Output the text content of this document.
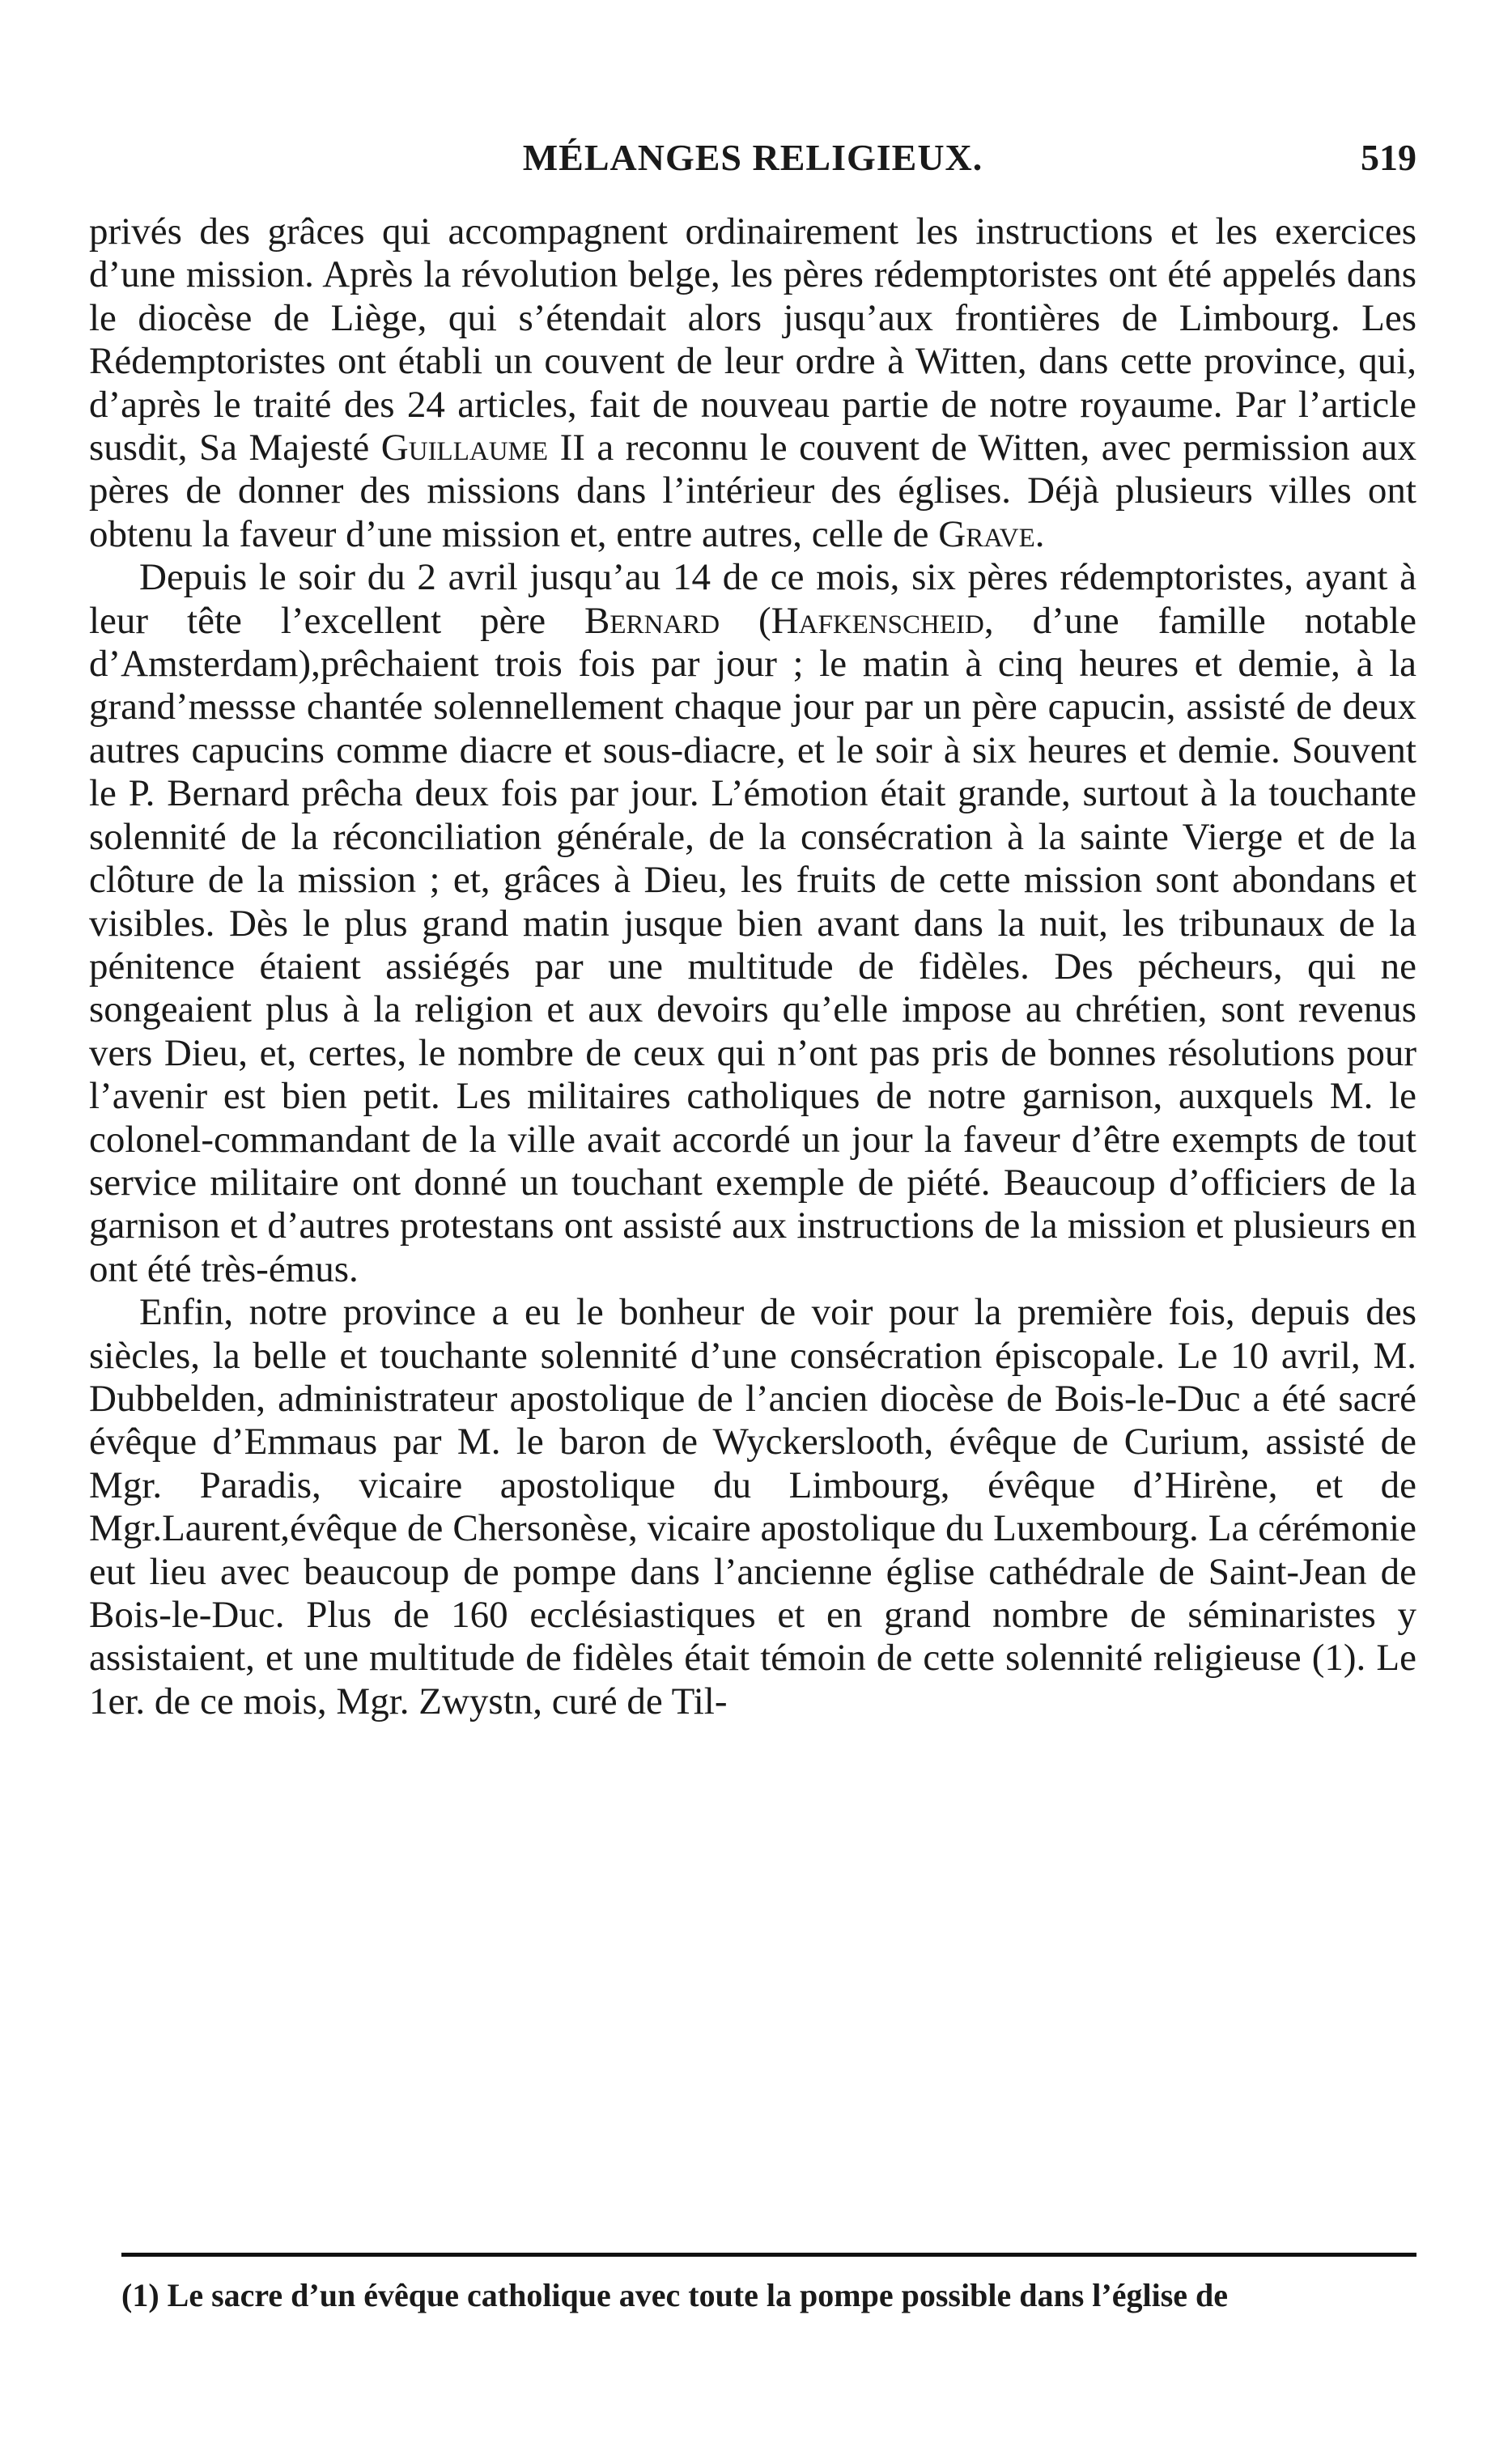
MÉLANGES RELIGIEUX.	519

privés des grâces qui accompagnent ordinairement les instructions et les exercices d’une mission. Après la révolution belge, les pères rédemptoristes ont été appelés dans le diocèse de Liège, qui s’étendait alors jusqu’aux frontières de Limbourg. Les Rédemptoristes ont établi un couvent de leur ordre à Witten, dans cette province, qui, d’après le traité des 24 articles, fait de nouveau partie de notre royaume. Par l’article susdit, Sa Majesté Guillaume II a reconnu le couvent de Witten, avec permission aux pères de donner des missions dans l’intérieur des églises. Déjà plusieurs villes ont obtenu la faveur d’une mission et, entre autres, celle de Grave.

Depuis le soir du 2 avril jusqu’au 14 de ce mois, six pères rédemptoristes, ayant à leur tête l’excellent père Bernard (Hafkenscheid, d’une famille notable d’Amsterdam),prêchaient trois fois par jour ; le matin à cinq heures et demie, à la grand’messse chantée solennellement chaque jour par un père capucin, assisté de deux autres capucins comme diacre et sous-diacre, et le soir à six heures et demie. Souvent le P. Bernard prêcha deux fois par jour. L’émotion était grande, surtout à la touchante solennité de la réconciliation générale, de la consécration à la sainte Vierge et de la clôture de la mission ; et, grâces à Dieu, les fruits de cette mission sont abondans et visibles. Dès le plus grand matin jusque bien avant dans la nuit, les tribunaux de la pénitence étaient assiégés par une multitude de fidèles. Des pécheurs, qui ne songeaient plus à la religion et aux devoirs qu’elle impose au chrétien, sont revenus vers Dieu, et, certes, le nombre de ceux qui n’ont pas pris de bonnes résolutions pour l’avenir est bien petit. Les militaires catholiques de notre garnison, auxquels M. le colonel-commandant de la ville avait accordé un jour la faveur d’être exempts de tout service militaire ont donné un touchant exemple de piété. Beaucoup d’officiers de la garnison et d’autres protestans ont assisté aux instructions de la mission et plusieurs en ont été très-émus.

Enfin, notre province a eu le bonheur de voir pour la première fois, depuis des siècles, la belle et touchante solennité d’une consécration épiscopale. Le 10 avril, M. Dubbelden, administrateur apostolique de l’ancien diocèse de Bois-le-Duc a été sacré évêque d’Emmaus par M. le baron de Wyckerslooth, évêque de Curium, assisté de Mgr. Paradis, vicaire apostolique du Limbourg, évêque d’Hirène, et de Mgr.Laurent,évêque de Chersonèse, vicaire apostolique du Luxembourg. La cérémonie eut lieu avec beaucoup de pompe dans l’ancienne église cathédrale de Saint-Jean de Bois-le-Duc. Plus de 160 ecclésiastiques et en grand nombre de séminaristes y assistaient, et une multitude de fidèles était témoin de cette solennité religieuse (1). Le 1er. de ce mois, Mgr. Zwystn, curé de Til-

(1) Le sacre d’un évêque catholique avec toute la pompe possible dans l’église de
